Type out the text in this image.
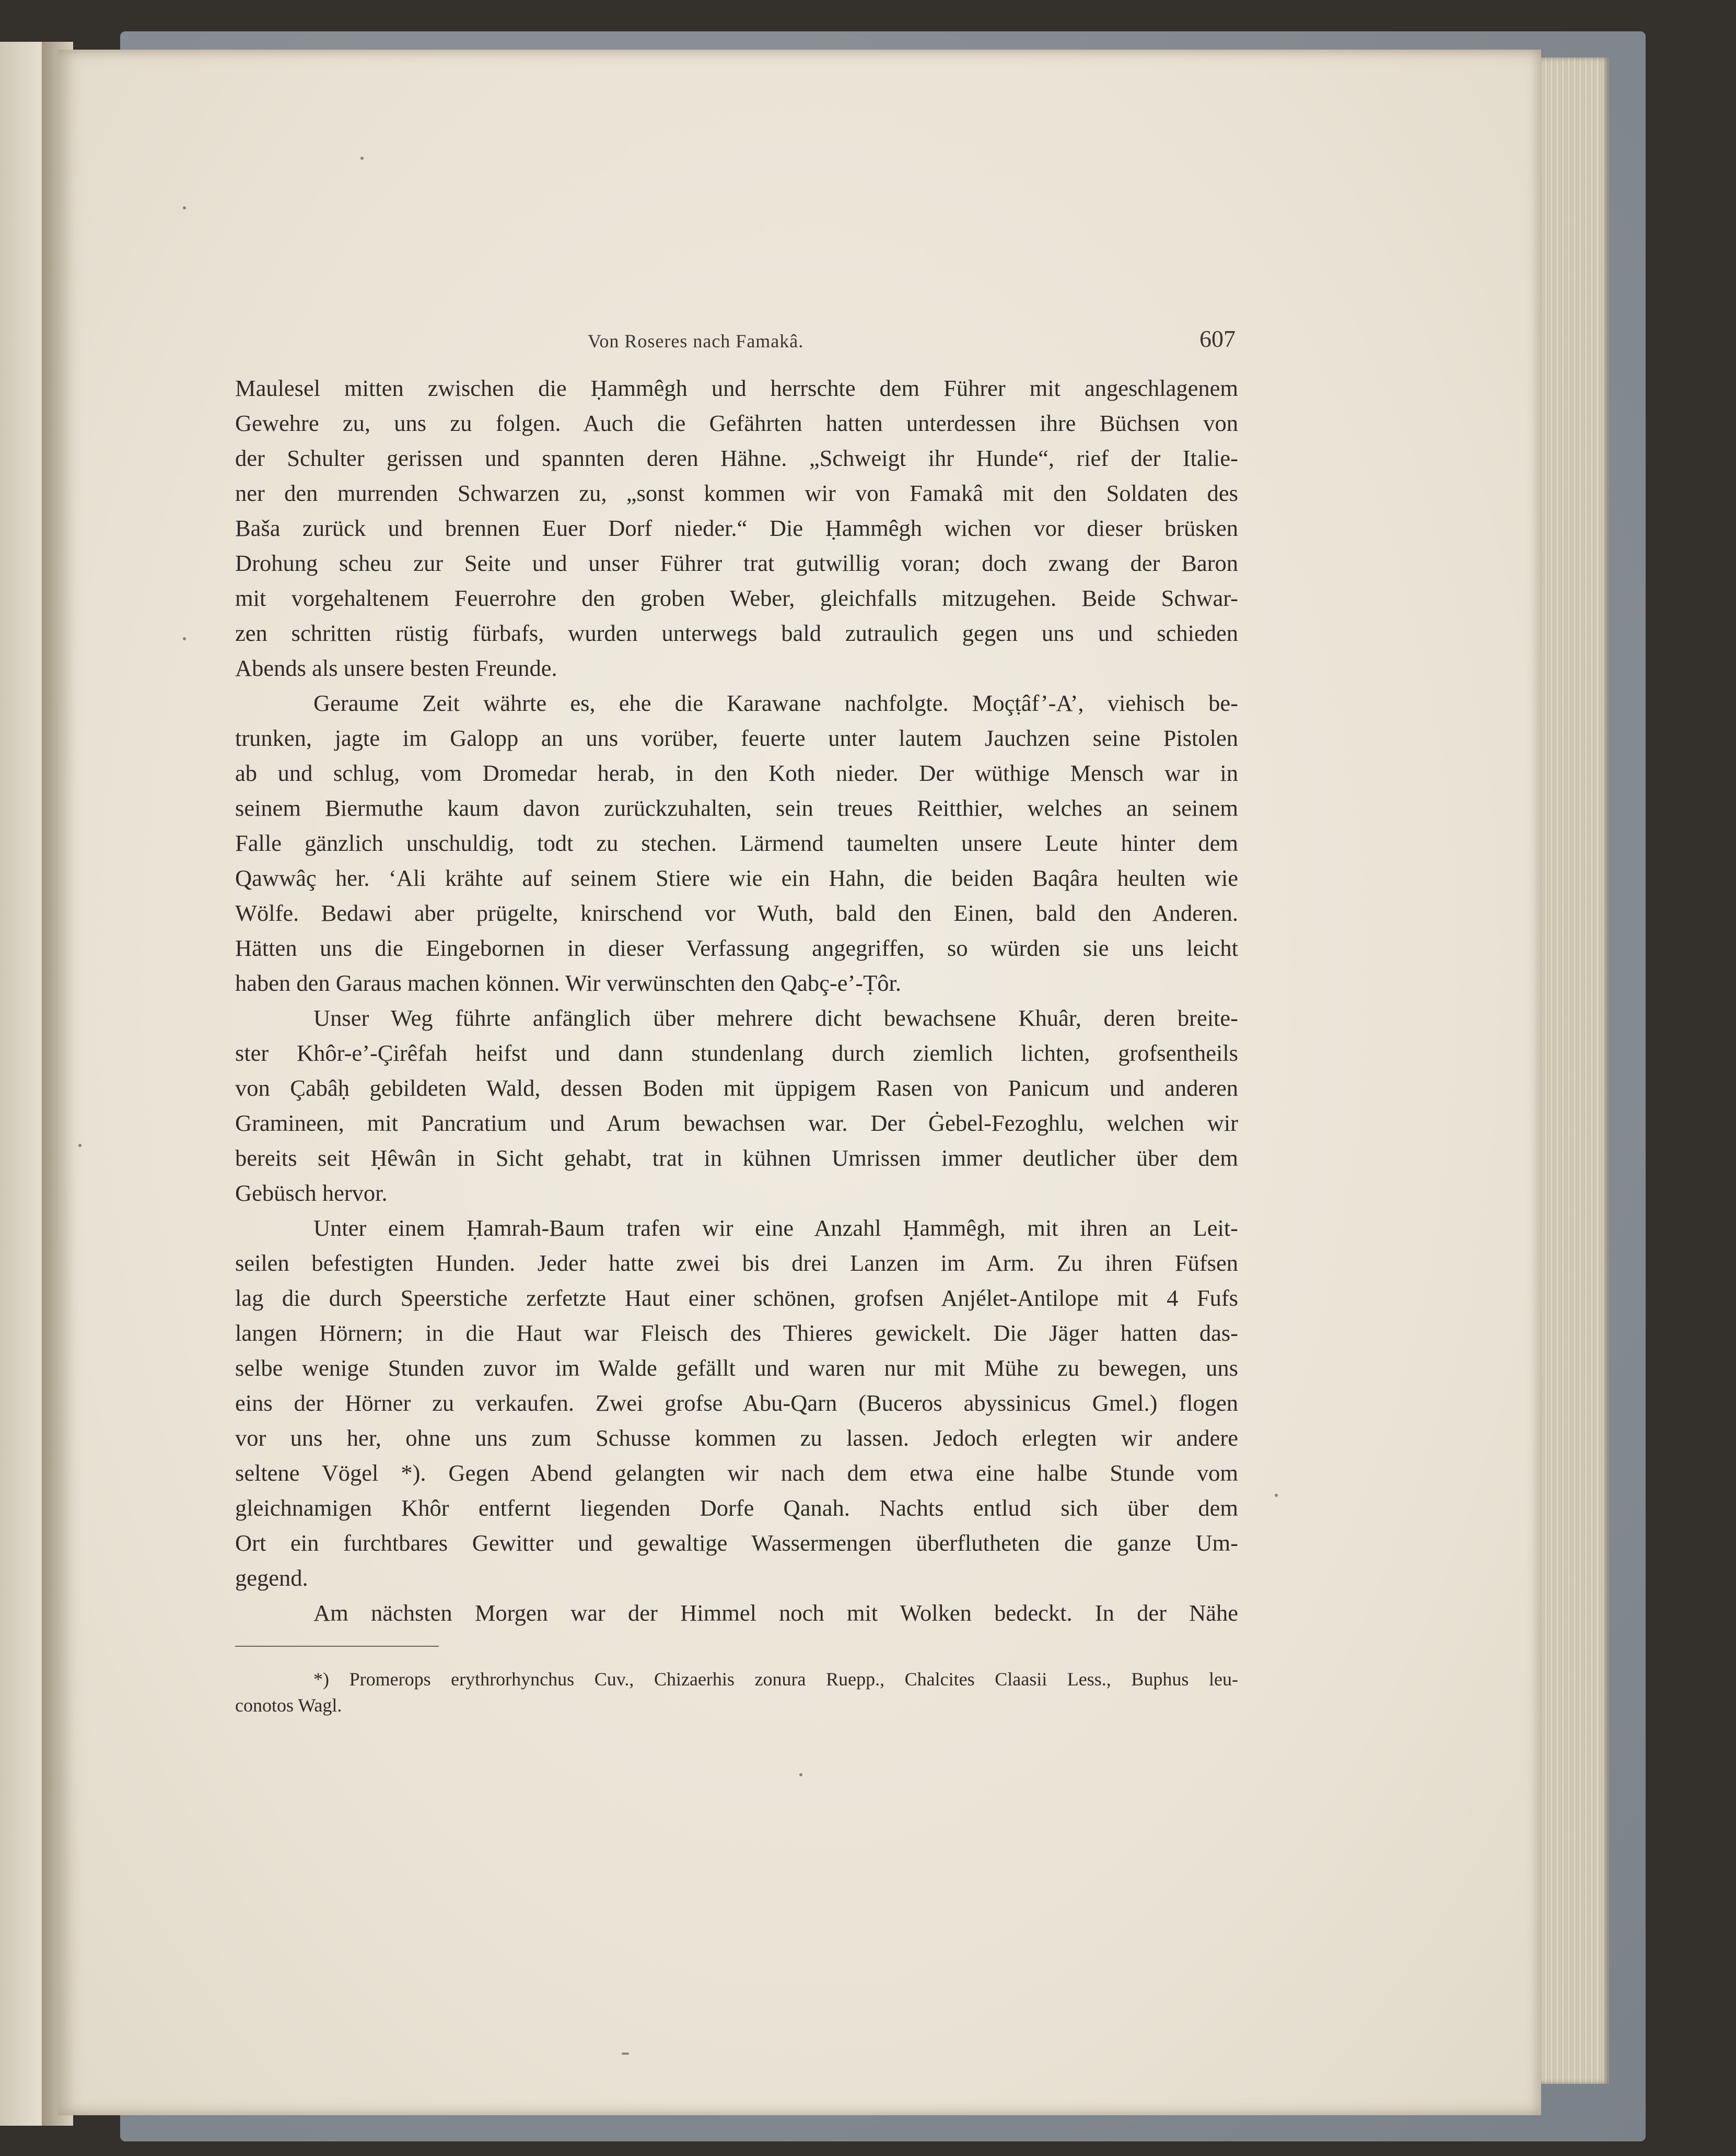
Von Roseres nach Famakâ.	607
Maulesel mitten zwischen die Ḥammêgh und herrschte dem Führer mit angeschlagenem
Gewehre zu, uns zu folgen. Auch die Gefährten hatten unterdessen ihre Büchsen von
der Schulter gerissen und spannten deren Hähne. „Schweigt ihr Hunde“, rief der Italie-
ner den murrenden Schwarzen zu, „sonst kommen wir von Famakâ mit den Soldaten des
Baša zurück und brennen Euer Dorf nieder.“ Die Ḥammêgh wichen vor dieser brüsken
Drohung scheu zur Seite und unser Führer trat gutwillig voran; doch zwang der Baron
mit vorgehaltenem Feuerrohre den groben Weber, gleichfalls mitzugehen. Beide Schwar-
zen schritten rüstig fürbafs, wurden unterwegs bald zutraulich gegen uns und schieden
Abends als unsere besten Freunde.
Geraume Zeit währte es, ehe die Karawane nachfolgte. Moçṭâf’-A’, viehisch be-
trunken, jagte im Galopp an uns vorüber, feuerte unter lautem Jauchzen seine Pistolen
ab und schlug, vom Dromedar herab, in den Koth nieder. Der wüthige Mensch war in
seinem Biermuthe kaum davon zurückzuhalten, sein treues Reitthier, welches an seinem
Falle gänzlich unschuldig, todt zu stechen. Lärmend taumelten unsere Leute hinter dem
Qawwâç her. ‘Ali krähte auf seinem Stiere wie ein Hahn, die beiden Baqâra heulten wie
Wölfe. Bedawi aber prügelte, knirschend vor Wuth, bald den Einen, bald den Anderen.
Hätten uns die Eingebornen in dieser Verfassung angegriffen, so würden sie uns leicht
haben den Garaus machen können. Wir verwünschten den Qabç-e’-Ṭôr.
Unser Weg führte anfänglich über mehrere dicht bewachsene Khuâr, deren breite-
ster Khôr-e’-Çirêfah heifst und dann stundenlang durch ziemlich lichten, grofsentheils
von Çabâḥ gebildeten Wald, dessen Boden mit üppigem Rasen von Panicum und anderen
Gramineen, mit Pancratium und Arum bewachsen war. Der Ġebel-Fezoghlu, welchen wir
bereits seit Ḥêwân in Sicht gehabt, trat in kühnen Umrissen immer deutlicher über dem
Gebüsch hervor.
Unter einem Ḥamrah-Baum trafen wir eine Anzahl Ḥammêgh, mit ihren an Leit-
seilen befestigten Hunden. Jeder hatte zwei bis drei Lanzen im Arm. Zu ihren Füfsen
lag die durch Speerstiche zerfetzte Haut einer schönen, grofsen Anjélet-Antilope mit 4 Fufs
langen Hörnern; in die Haut war Fleisch des Thieres gewickelt. Die Jäger hatten das-
selbe wenige Stunden zuvor im Walde gefällt und waren nur mit Mühe zu bewegen, uns
eins der Hörner zu verkaufen. Zwei grofse Abu-Qarn (Buceros abyssinicus Gmel.) flogen
vor uns her, ohne uns zum Schusse kommen zu lassen. Jedoch erlegten wir andere
seltene Vögel *). Gegen Abend gelangten wir nach dem etwa eine halbe Stunde vom
gleichnamigen Khôr entfernt liegenden Dorfe Qanah. Nachts entlud sich über dem
Ort ein furchtbares Gewitter und gewaltige Wassermengen überflutheten die ganze Um-
gegend.
Am nächsten Morgen war der Himmel noch mit Wolken bedeckt. In der Nähe
*) Promerops erythrorhynchus Cuv., Chizaerhis zonura Ruepp., Chalcites Claasii Less., Buphus leu-
conotos Wagl.
